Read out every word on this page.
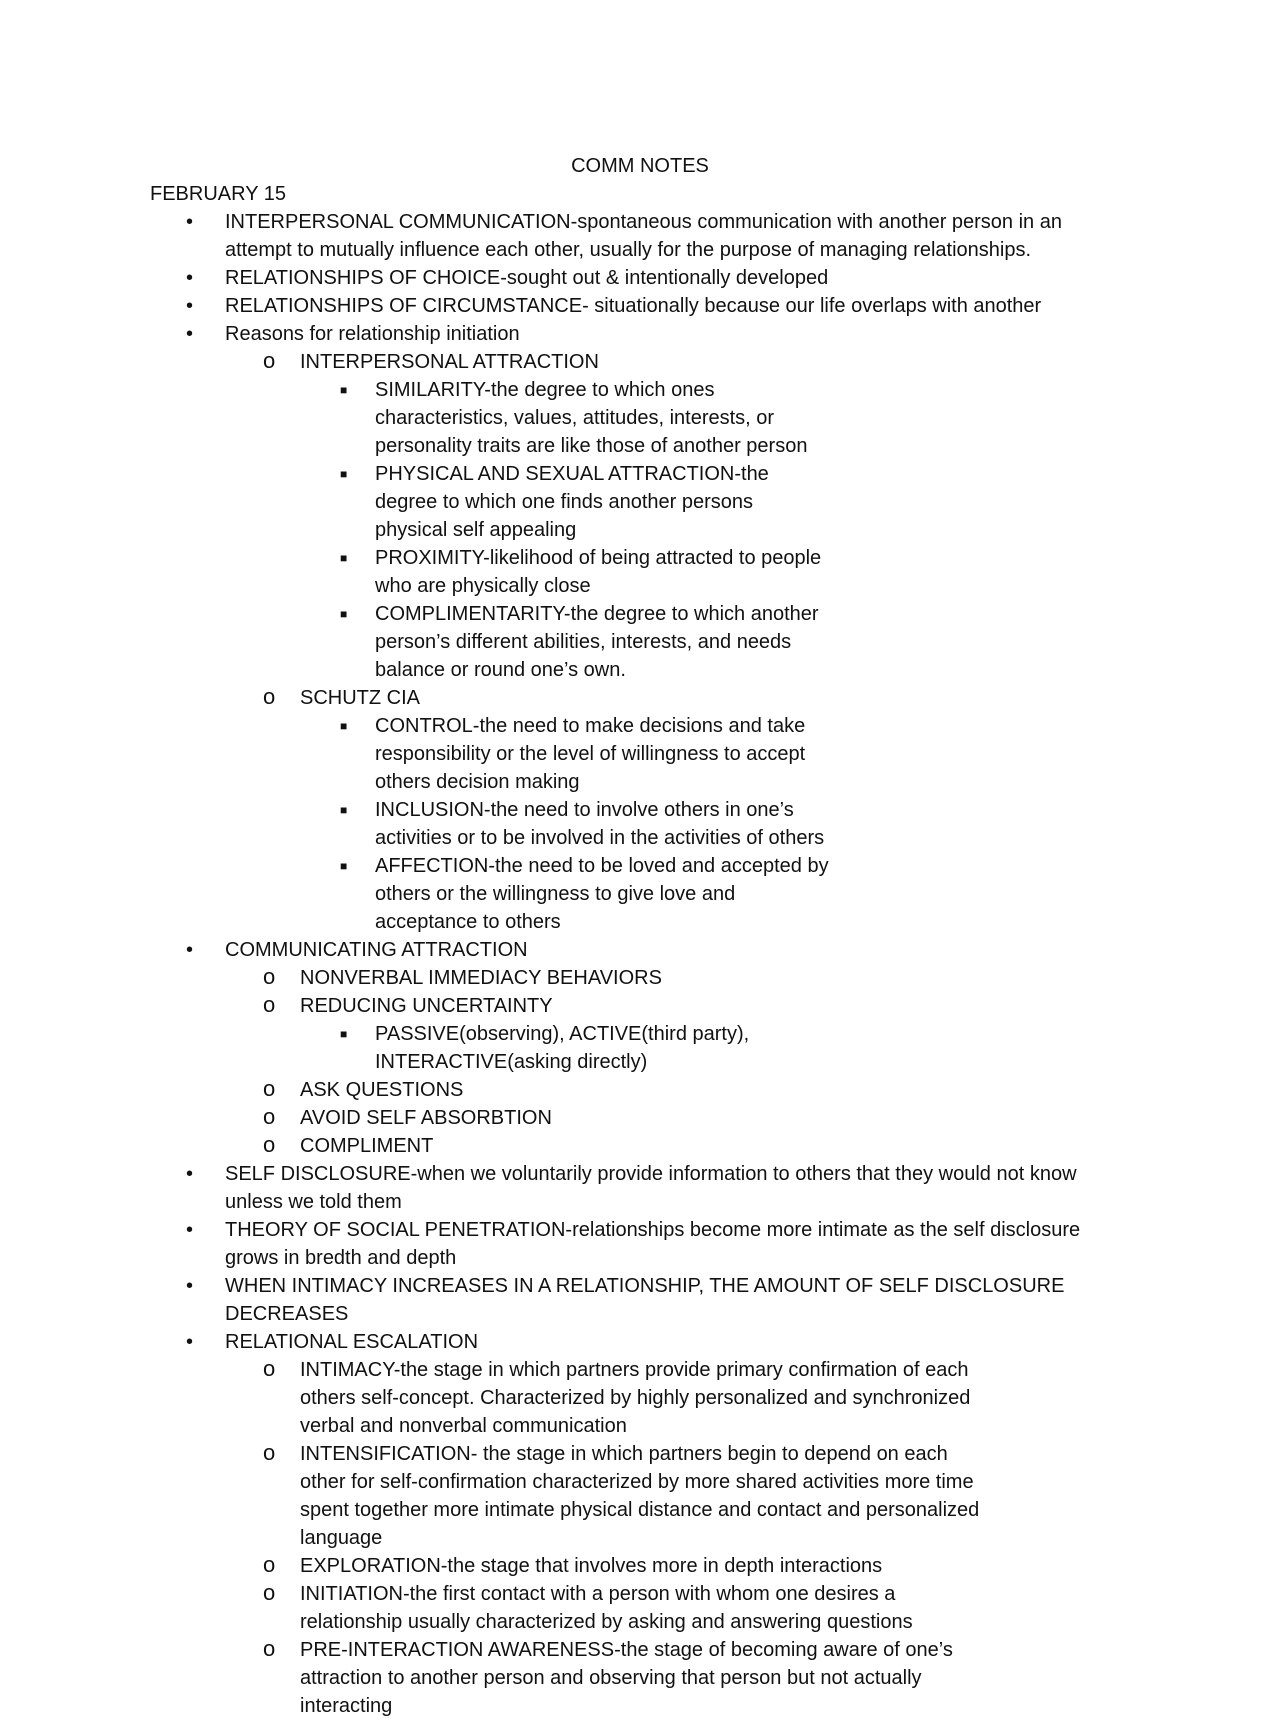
COMM NOTES
FEBRUARY 15
• INTERPERSONAL COMMUNICATION-spontaneous communication with another person in an attempt to mutually influence each other, usually for the purpose of managing relationships.
• RELATIONSHIPS OF CHOICE-sought out & intentionally developed
• RELATIONSHIPS OF CIRCUMSTANCE- situationally because our life overlaps with another
• Reasons for relationship initiation
o INTERPERSONAL ATTRACTION
■ SIMILARITY-the degree to which ones characteristics, values, attitudes, interests, or personality traits are like those of another person
■ PHYSICAL AND SEXUAL ATTRACTION-the degree to which one finds another persons physical self appealing
■ PROXIMITY-likelihood of being attracted to people who are physically close
■ COMPLIMENTARITY-the degree to which another person’s different abilities, interests, and needs balance or round one’s own.
o SCHUTZ CIA
■ CONTROL-the need to make decisions and take responsibility or the level of willingness to accept others decision making
■ INCLUSION-the need to involve others in one’s activities or to be involved in the activities of others
■ AFFECTION-the need to be loved and accepted by others or the willingness to give love and acceptance to others
• COMMUNICATING ATTRACTION
o NONVERBAL IMMEDIACY BEHAVIORS
o REDUCING UNCERTAINTY
■ PASSIVE(observing), ACTIVE(third party), INTERACTIVE(asking directly)
o ASK QUESTIONS
o AVOID SELF ABSORBTION
o COMPLIMENT
• SELF DISCLOSURE-when we voluntarily provide information to others that they would not know unless we told them
• THEORY OF SOCIAL PENETRATION-relationships become more intimate as the self disclosure grows in bredth and depth
• WHEN INTIMACY INCREASES IN A RELATIONSHIP, THE AMOUNT OF SELF DISCLOSURE DECREASES
• RELATIONAL ESCALATION
o INTIMACY-the stage in which partners provide primary confirmation of each others self-concept. Characterized by highly personalized and synchronized verbal and nonverbal communication
o INTENSIFICATION- the stage in which partners begin to depend on each other for self-confirmation characterized by more shared activities more time spent together more intimate physical distance and contact and personalized language
o EXPLORATION-the stage that involves more in depth interactions
o INITIATION-the first contact with a person with whom one desires a relationship usually characterized by asking and answering questions
o PRE-INTERACTION AWARENESS-the stage of becoming aware of one’s attraction to another person and observing that person but not actually interacting
